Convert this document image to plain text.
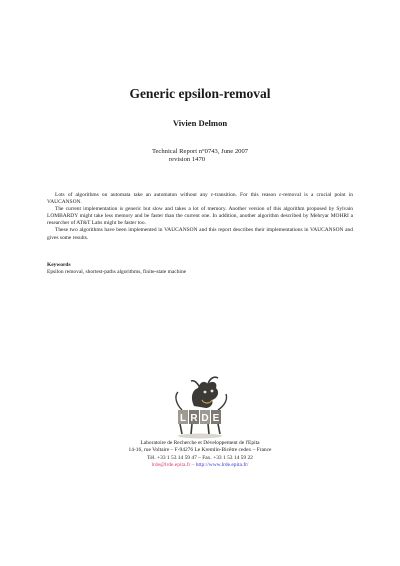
Generic epsilon-removal
Vivien Delmon
Technical Report n°0743, June 2007
revision 1470

Lots of algorithms on automata take an automaton without any ε-transition. For this reason ε-removal is a crucial point in VAUCANSON.

The current implementation is generic but slow and takes a lot of memory. Another version of this algorithm proposed by Sylvain LOMBARDY might take less memory and be faster than the current one. In addition, another algorithm described by Mehryar MOHRI a researcher of AT&T Labs might be faster too.

These two algorithms have been implemented in VAUCANSON and this report describes their implementations in VAUCANSON and gives some results.

Keywords
Epsilon removal, shortest-paths algorithms, finite-state machine
L R D E
Laboratoire de Recherche et Développement de l'Epita
14-16, rue Voltaire – F-94276 Le Kremlin-Bicêtre cedex – France
Tél. +33 1 53 14 59 47 – Fax. +33 1 53 14 59 22
lrde@lrde.epita.fr – http://www.lrde.epita.fr/
